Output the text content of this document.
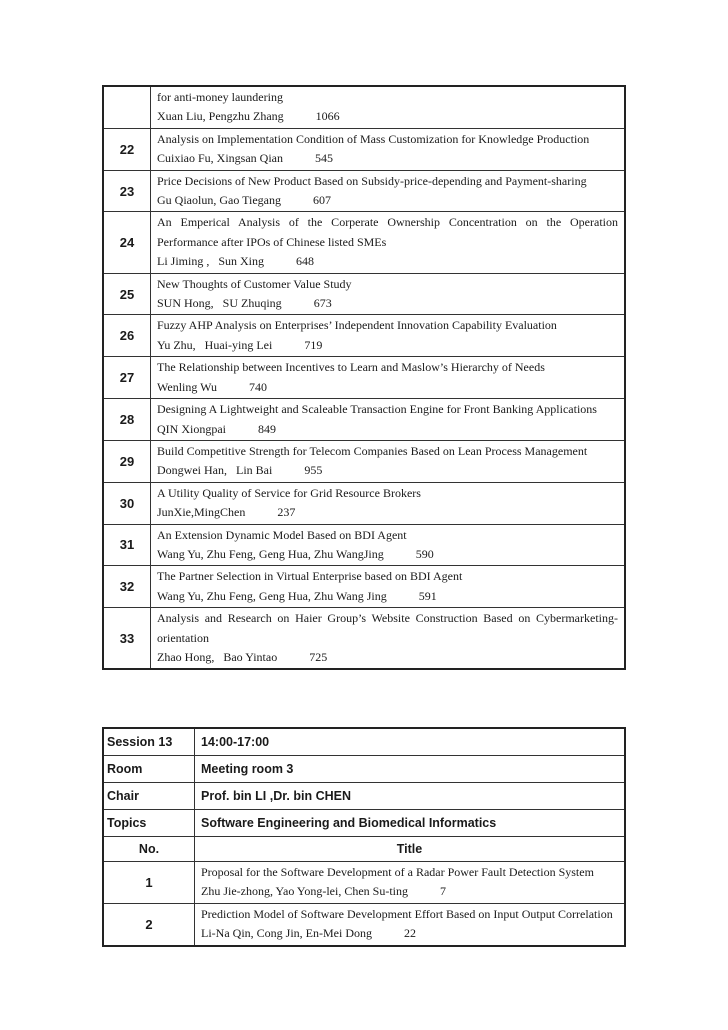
	for anti-money laundering
Xuan Liu, Pengzhu Zhang 1066

22	Analysis on Implementation Condition of Mass Customization for Knowledge Production
Cuixiao Fu, Xingsan Qian 545

23	Price Decisions of New Product Based on Subsidy-price-depending and Payment-sharing
Gu Qiaolun, Gao Tiegang 607

24	An Emperical Analysis of the Corperate Ownership Concentration on the Operation Performance after IPOs of Chinese listed SMEs
Li Jiming ,   Sun Xing 648

25	New Thoughts of Customer Value Study
SUN Hong,   SU Zhuqing 673

26	Fuzzy AHP Analysis on Enterprises’ Independent Innovation Capability Evaluation
Yu Zhu,   Huai-ying Lei 719

27	The Relationship between Incentives to Learn and Maslow’s Hierarchy of Needs
Wenling Wu 740

28	Designing A Lightweight and Scaleable Transaction Engine for Front Banking Applications
QIN Xiongpai 849

29	Build Competitive Strength for Telecom Companies Based on Lean Process Management
Dongwei Han,   Lin Bai 955

30	A Utility Quality of Service for Grid Resource Brokers
JunXie,MingChen 237

31	An Extension Dynamic Model Based on BDI Agent
Wang Yu, Zhu Feng, Geng Hua, Zhu WangJing 590

32	The Partner Selection in Virtual Enterprise based on BDI Agent
Wang Yu, Zhu Feng, Geng Hua, Zhu Wang Jing 591

33	Analysis and Research on Haier Group’s Website Construction Based on Cybermarketing-orientation
Zhao Hong,   Bao Yintao 725
Session 13	14:00-17:00
Room	Meeting room 3
Chair	Prof. bin LI ,Dr. bin CHEN
Topics	Software Engineering and Biomedical Informatics
No.	Title
1	Proposal for the Software Development of a Radar Power Fault Detection System
Zhu Jie-zhong, Yao Yong-lei, Chen Su-ting 7

2	Prediction Model of Software Development Effort Based on Input Output Correlation
Li-Na Qin, Cong Jin, En-Mei Dong 22
